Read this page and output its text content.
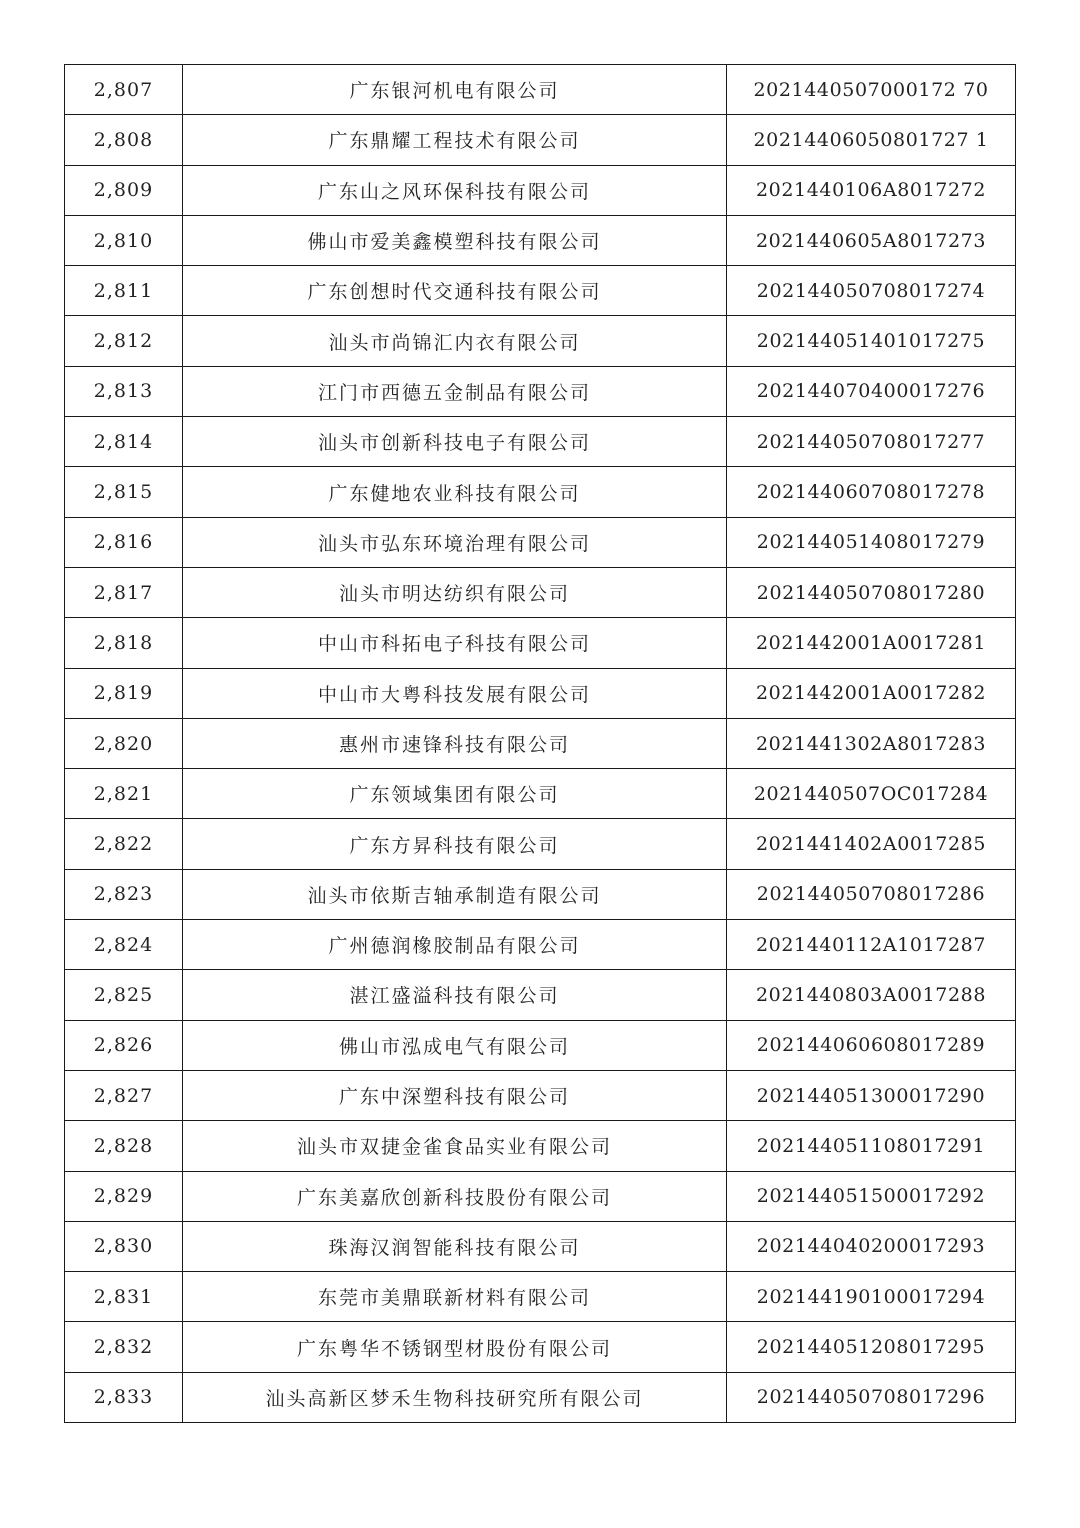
2,807	广东银河机电有限公司	2021440507000172 70
2,808	广东鼎耀工程技术有限公司	20214406050801727 1
2,809	广东山之风环保科技有限公司	2021440106A8017272
2,810	佛山市爱美鑫模塑科技有限公司	2021440605A8017273
2,811	广东创想时代交通科技有限公司	202144050708017274
2,812	汕头市尚锦汇内衣有限公司	202144051401017275
2,813	江门市西德五金制品有限公司	202144070400017276
2,814	汕头市创新科技电子有限公司	202144050708017277
2,815	广东健地农业科技有限公司	202144060708017278
2,816	汕头市弘东环境治理有限公司	202144051408017279
2,817	汕头市明达纺织有限公司	202144050708017280
2,818	中山市科拓电子科技有限公司	2021442001A0017281
2,819	中山市大粤科技发展有限公司	2021442001A0017282
2,820	惠州市速锋科技有限公司	2021441302A8017283
2,821	广东领域集团有限公司	2021440507OC017284
2,822	广东方昇科技有限公司	2021441402A0017285
2,823	汕头市依斯吉轴承制造有限公司	202144050708017286
2,824	广州德润橡胶制品有限公司	2021440112A1017287
2,825	湛江盛溢科技有限公司	2021440803A0017288
2,826	佛山市泓成电气有限公司	202144060608017289
2,827	广东中深塑科技有限公司	202144051300017290
2,828	汕头市双捷金雀食品实业有限公司	202144051108017291
2,829	广东美嘉欣创新科技股份有限公司	202144051500017292
2,830	珠海汉润智能科技有限公司	202144040200017293
2,831	东莞市美鼎联新材料有限公司	202144190100017294
2,832	广东粤华不锈钢型材股份有限公司	202144051208017295
2,833	汕头高新区梦禾生物科技研究所有限公司	202144050708017296
